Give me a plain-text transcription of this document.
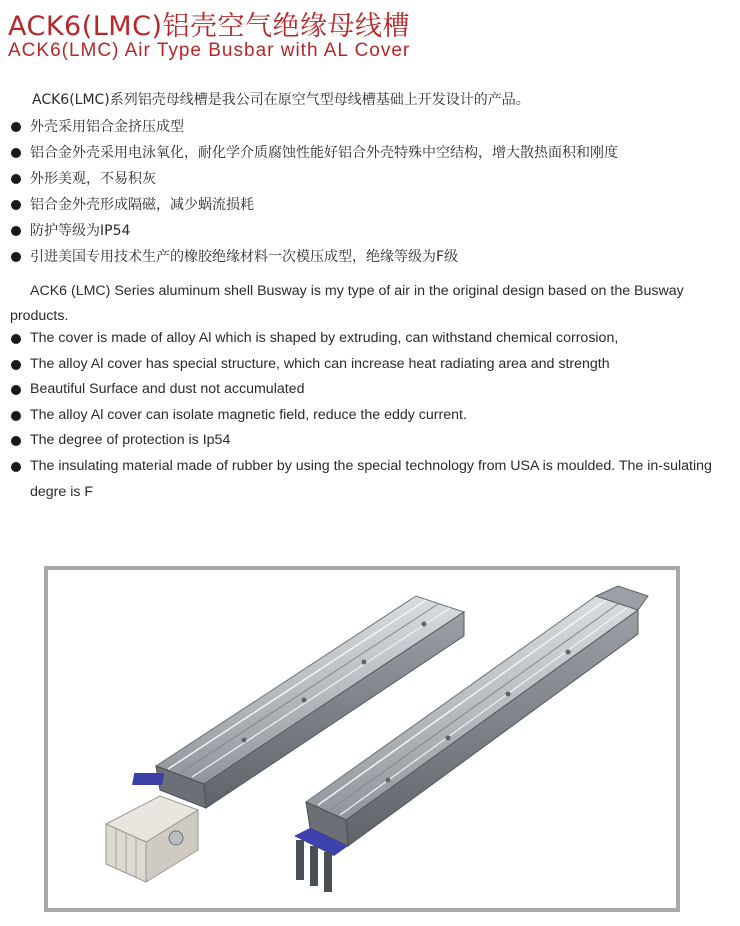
ACK6(LMC)铝壳空气绝缘母线槽
ACK6(LMC) Air Type Busbar with AL Cover
ACK6(LMC)系列铝壳母线槽是我公司在原空气型母线槽基础上开发设计的产品。
外壳采用铝合金挤压成型
铝合金外壳采用电泳氧化，耐化学介质腐蚀性能好铝合外壳特殊中空结构，增大散热面积和刚度
外形美观，不易积灰
铝合金外壳形成隔磁，减少蜗流损耗
防护等级为IP54
引进美国专用技术生产的橡胶绝缘材料一次模压成型，绝缘等级为F级
ACK6 (LMC) Series aluminum shell Busway is my type of air in the original design based on the Busway products.
The cover is made of alloy Al which is shaped by extruding, can withstand chemical corrosion,
The alloy Al cover has special structure, which can increase heat radiating area and strength
Beautiful Surface and dust not accumulated
The alloy Al cover can isolate magnetic field, reduce the eddy current.
The degree of protection is Ip54
The insulating material made of rubber by using the special technology from USA is moulded. The in-sulating degre is F
